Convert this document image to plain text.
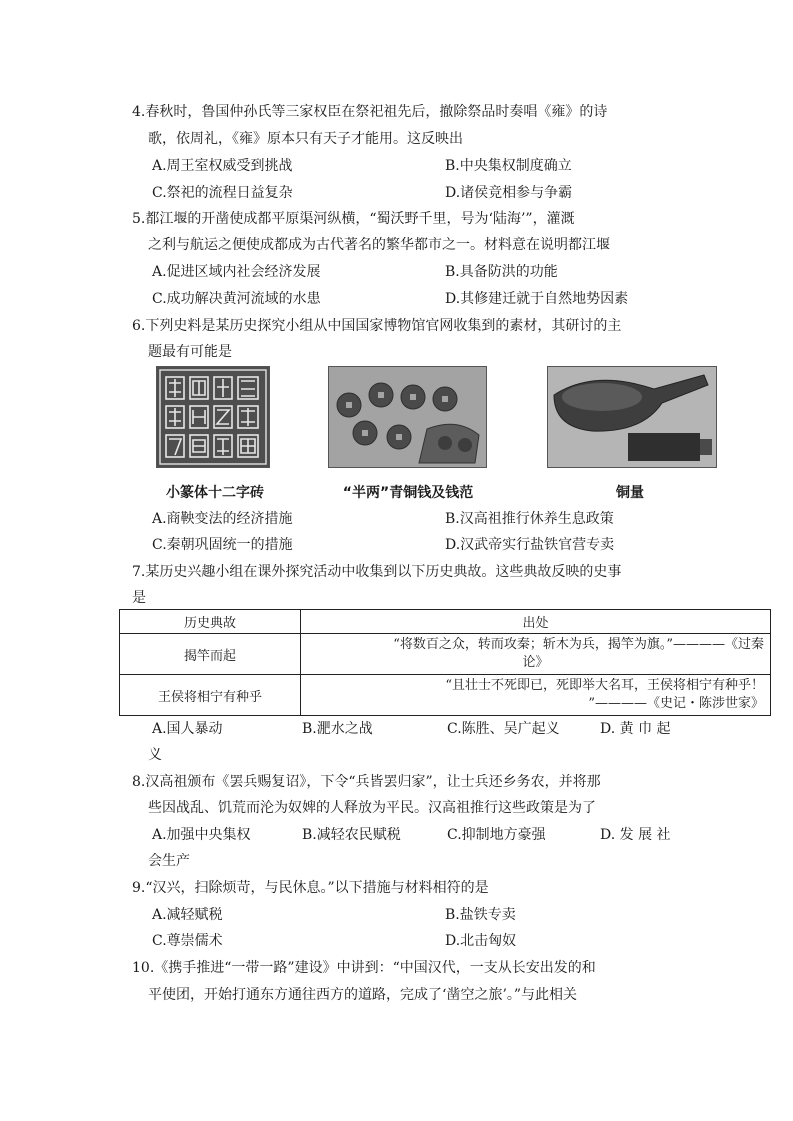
4.春秋时，鲁国仲孙氏等三家权臣在祭祀祖先后，撤除祭品时奏唱《雍》的诗
歌，依周礼，《雍》原本只有天子才能用。这反映出
A.周王室权威受到挑战	B.中央集权制度确立
C.祭祀的流程日益复杂	D.诸侯竞相参与争霸
5.都江堰的开凿使成都平原渠河纵横，“蜀沃野千里，号为‘陆海’”，灌溉
之利与航运之便使成都成为古代著名的繁华都市之一。材料意在说明都江堰
A.促进区域内社会经济发展	B.具备防洪的功能
C.成功解决黄河流域的水患	D.其修建迁就于自然地势因素
6.下列史料是某历史探究小组从中国国家博物馆官网收集到的素材，其研讨的主
题最有可能是
小篆体十二字砖	“半两”青铜钱及钱范	铜量
A.商鞅变法的经济措施	B.汉高祖推行休养生息政策
C.秦朝巩固统一的措施	D.汉武帝实行盐铁官营专卖
7.某历史兴趣小组在课外探究活动中收集到以下历史典故。这些典故反映的史事
是
历史典故	出处
揭竿而起	“将数百之众，转而攻秦；斩木为兵，揭竿为旗。”————《过秦
论》

王侯将相宁有种乎	“且壮士不死即已，死即举大名耳，王侯将相宁有种乎！
”————《史记・陈涉世家》
A.国人暴动	B.淝水之战	C.陈胜、吴广起义	D. 黄 巾 起
义
8.汉高祖颁布《罢兵赐复诏》，下令“兵皆罢归家”，让士兵还乡务农，并将那
些因战乱、饥荒而沦为奴婢的人释放为平民。汉高祖推行这些政策是为了
A.加强中央集权	B.减轻农民赋税	C.抑制地方豪强	D. 发 展 社
会生产
9.“汉兴，扫除烦苛，与民休息。”以下措施与材料相符的是
A.减轻赋税	B.盐铁专卖
C.尊崇儒术	D.北击匈奴
10.《携手推进“一带一路”建设》中讲到：“中国汉代，一支从长安出发的和
平使团，开始打通东方通往西方的道路，完成了‘凿空之旅’。”与此相关
